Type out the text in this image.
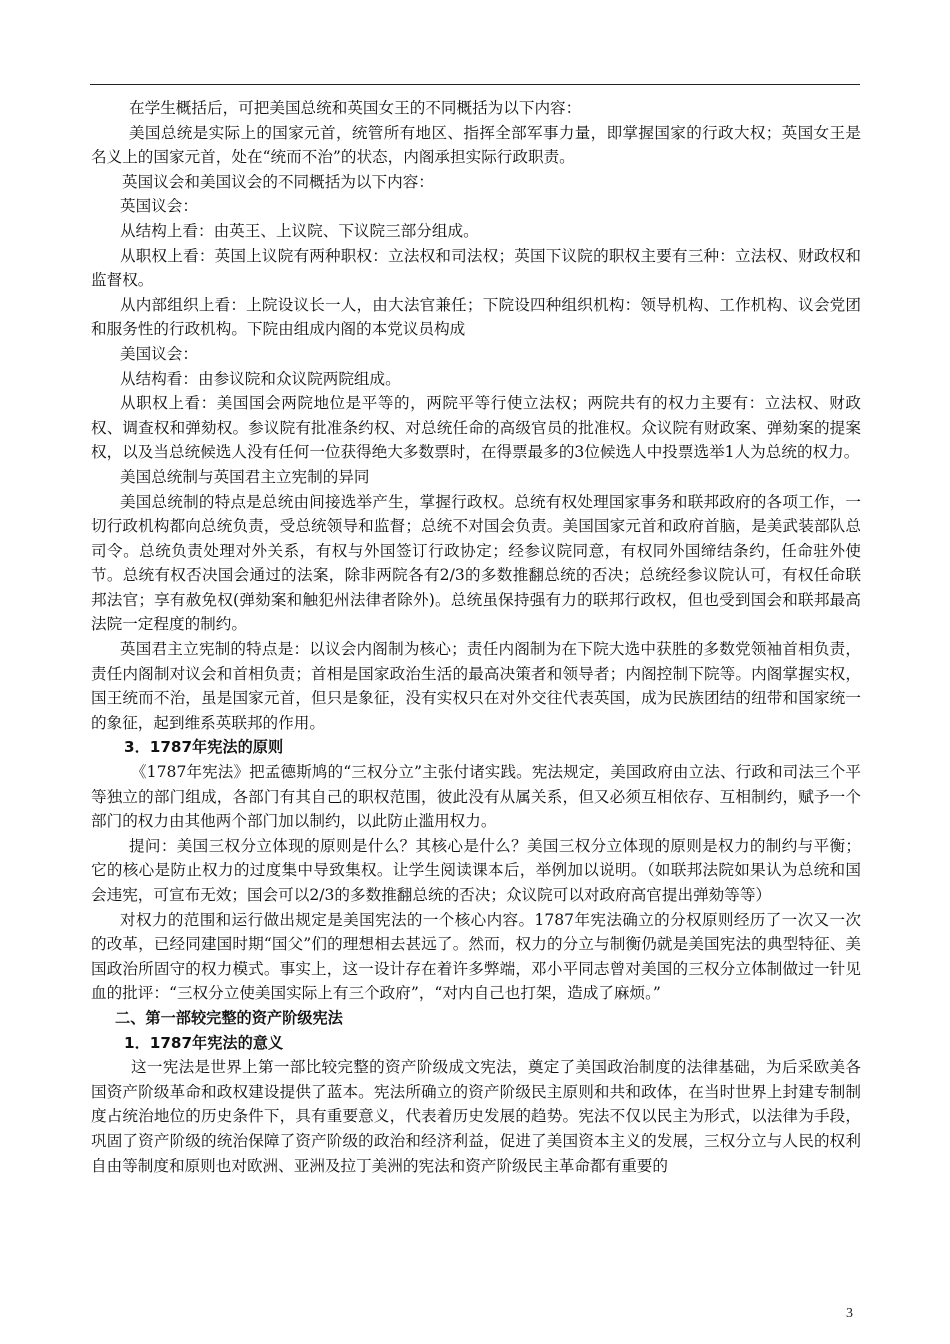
在学生概括后，可把美国总统和英国女王的不同概括为以下内容：

美国总统是实际上的国家元首，统管所有地区、指挥全部军事力量，即掌握国家的行政大权；英国女王是名义上的国家元首，处在“统而不治”的状态，内阁承担实际行政职责。

英国议会和美国议会的不同概括为以下内容：

英国议会：

从结构上看：由英王、上议院、下议院三部分组成。

从职权上看：英国上议院有两种职权：立法权和司法权；英国下议院的职权主要有三种：立法权、财政权和监督权。

从内部组织上看：上院设议长一人，由大法官兼任；下院设四种组织机构：领导机构、工作机构、议会党团和服务性的行政机构。下院由组成内阁的本党议员构成

美国议会：

从结构看：由参议院和众议院两院组成。

从职权上看：美国国会两院地位是平等的，两院平等行使立法权；两院共有的权力主要有：立法权、财政权、调查权和弹劾权。参议院有批准条约权、对总统任命的高级官员的批准权。众议院有财政案、弹劾案的提案权，以及当总统候选人没有任何一位获得绝大多数票时，在得票最多的3位候选人中投票选举1人为总统的权力。

美国总统制与英国君主立宪制的异同

美国总统制的特点是总统由间接选举产生，掌握行政权。总统有权处理国家事务和联邦政府的各项工作，一切行政机构都向总统负责，受总统领导和监督；总统不对国会负责。美国国家元首和政府首脑，是美武装部队总司令。总统负责处理对外关系，有权与外国签订行政协定；经参议院同意，有权同外国缔结条约，任命驻外使节。总统有权否决国会通过的法案，除非两院各有2/3的多数推翻总统的否决；总统经参议院认可，有权任命联邦法官；享有赦免权(弹劾案和触犯州法律者除外)。总统虽保持强有力的联邦行政权，但也受到国会和联邦最高法院一定程度的制约。

英国君主立宪制的特点是：以议会内阁制为核心；责任内阁制为在下院大选中获胜的多数党领袖首相负责，责任内阁制对议会和首相负责；首相是国家政治生活的最高决策者和领导者；内阁控制下院等。内阁掌握实权，国王统而不治，虽是国家元首，但只是象征，没有实权只在对外交往代表英国，成为民族团结的纽带和国家统一的象征，起到维系英联邦的作用。

3．1787年宪法的原则

《1787年宪法》把孟德斯鸠的“三权分立”主张付诸实践。宪法规定，美国政府由立法、行政和司法三个平等独立的部门组成，各部门有其自己的职权范围，彼此没有从属关系，但又必须互相依存、互相制约，赋予一个部门的权力由其他两个部门加以制约，以此防止滥用权力。

提问：美国三权分立体现的原则是什么？其核心是什么？美国三权分立体现的原则是权力的制约与平衡；它的核心是防止权力的过度集中导致集权。让学生阅读课本后，举例加以说明。（如联邦法院如果认为总统和国会违宪，可宣布无效；国会可以2/3的多数推翻总统的否决；众议院可以对政府高官提出弹劾等等）

对权力的范围和运行做出规定是美国宪法的一个核心内容。1787年宪法确立的分权原则经历了一次又一次的改革，已经同建国时期“国父”们的理想相去甚远了。然而，权力的分立与制衡仍就是美国宪法的典型特征、美国政治所固守的权力模式。事实上，这一设计存在着许多弊端，邓小平同志曾对美国的三权分立体制做过一针见血的批评：“三权分立使美国实际上有三个政府”，“对内自己也打架，造成了麻烦。”

二、第一部较完整的资产阶级宪法

1．1787年宪法的意义

这一宪法是世界上第一部比较完整的资产阶级成文宪法，奠定了美国政治制度的法律基础，为后采欧美各国资产阶级革命和政权建设提供了蓝本。宪法所确立的资产阶级民主原则和共和政体，在当时世界上封建专制制度占统治地位的历史条件下，具有重要意义，代表着历史发展的趋势。宪法不仅以民主为形式，以法律为手段，巩固了资产阶级的统治保障了资产阶级的政治和经济利益，促进了美国资本主义的发展，三权分立与人民的权利自由等制度和原则也对欧洲、亚洲及拉丁美洲的宪法和资产阶级民主革命都有重要的

3
